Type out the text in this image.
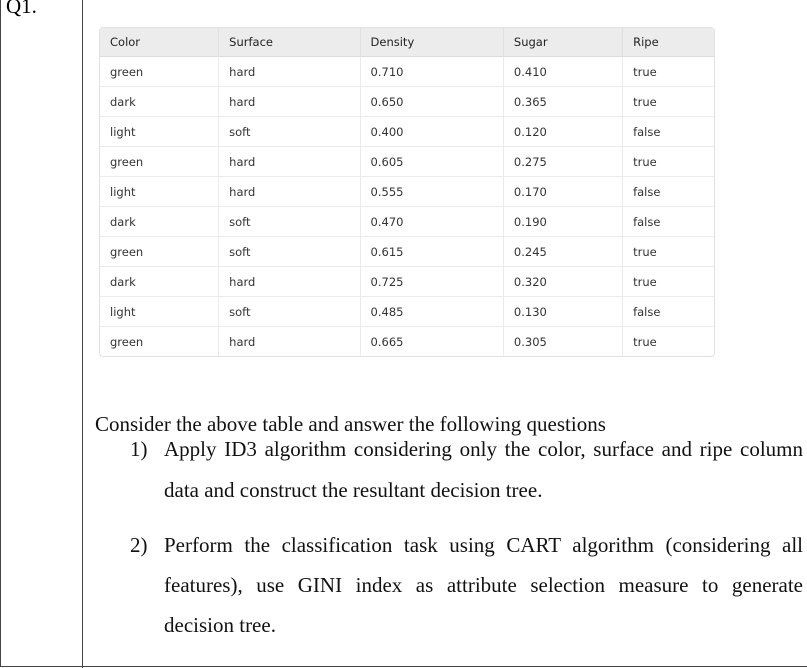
Q1.
Color	Surface	Density	Sugar	Ripe
green	hard	0.710	0.410	true
dark	hard	0.650	0.365	true
light	soft	0.400	0.120	false
green	hard	0.605	0.275	true
light	hard	0.555	0.170	false
dark	soft	0.470	0.190	false
green	soft	0.615	0.245	true
dark	hard	0.725	0.320	true
light	soft	0.485	0.130	false
green	hard	0.665	0.305	true
Consider the above table and answer the following questions
1) Apply ID3 algorithm considering only the color, surface and ripe column data and construct the resultant decision tree.
2) Perform the classification task using CART algorithm (considering all features), use GINI index as attribute selection measure to generate decision tree.
